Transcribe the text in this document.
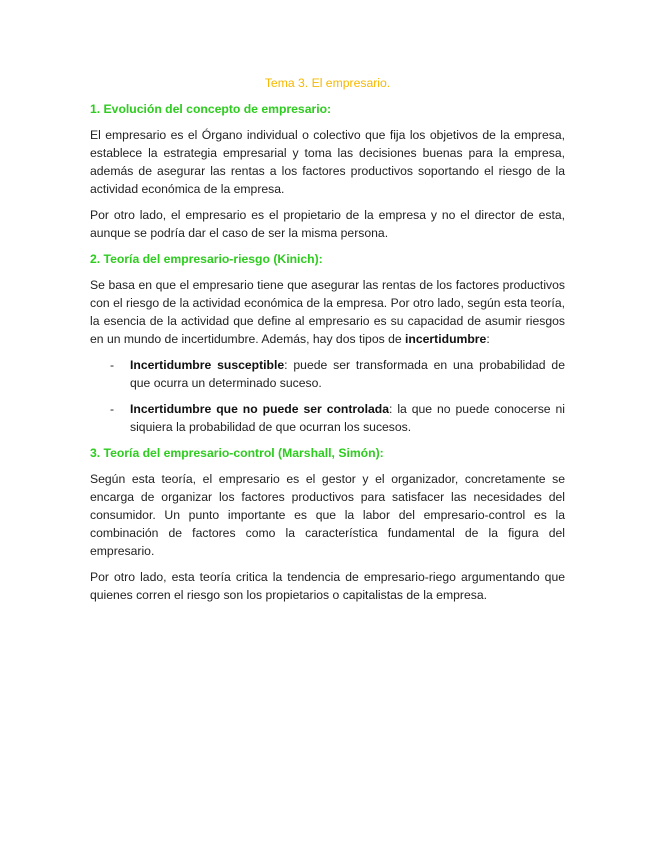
Tema 3. El empresario.
1. Evolución del concepto de empresario:

El empresario es el Órgano individual o colectivo que fija los objetivos de la empresa, establece la estrategia empresarial y toma las decisiones buenas para la empresa, además de asegurar las rentas a los factores productivos soportando el riesgo de la actividad económica de la empresa.

Por otro lado, el empresario es el propietario de la empresa y no el director de esta, aunque se podría dar el caso de ser la misma persona.

2. Teoría del empresario-riesgo (Kinich):

Se basa en que el empresario tiene que asegurar las rentas de los factores productivos con el riesgo de la actividad económica de la empresa. Por otro lado, según esta teoría, la esencia de la actividad que define al empresario es su capacidad de asumir riesgos en un mundo de incertidumbre. Además, hay dos tipos de incertidumbre:

- Incertidumbre susceptible: puede ser transformada en una probabilidad de que ocurra un determinado suceso.
- Incertidumbre que no puede ser controlada: la que no puede conocerse ni siquiera la probabilidad de que ocurran los sucesos.
3. Teoría del empresario-control (Marshall, Simón):

Según esta teoría, el empresario es el gestor y el organizador, concretamente se encarga de organizar los factores productivos para satisfacer las necesidades del consumidor. Un punto importante es que la labor del empresario-control es la combinación de factores como la característica fundamental de la figura del empresario.

Por otro lado, esta teoría critica la tendencia de empresario-riego argumentando que quienes corren el riesgo son los propietarios o capitalistas de la empresa.
